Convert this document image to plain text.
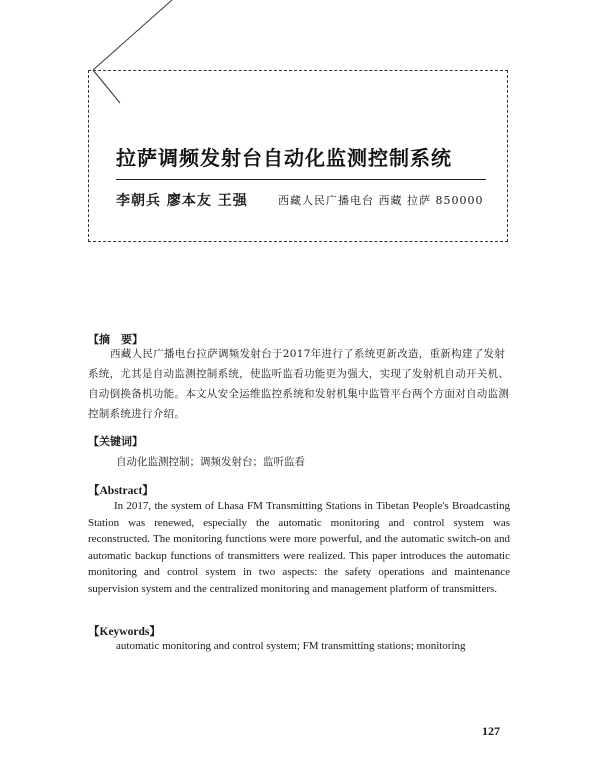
拉萨调频发射台自动化监测控制系统
李朝兵 廖本友 王强	西藏人民广播电台 西藏 拉萨 850000
【摘　要】
西藏人民广播电台拉萨调频发射台于2017年进行了系统更新改造，重新构建了发射系统，尤其是自动监测控制系统，使监听监看功能更为强大，实现了发射机自动开关机、自动倒换备机功能。本文从安全运维监控系统和发射机集中监管平台两个方面对自动监测控制系统进行介绍。
【关键词】
自动化监测控制；调频发射台；监听监看
【Abstract】
In 2017, the system of Lhasa FM Transmitting Stations in Tibetan People's Broadcasting Station was renewed, especially the automatic monitoring and control system was reconstructed. The monitoring functions were more powerful, and the automatic switch-on and automatic backup functions of transmitters were realized. This paper introduces the automatic monitoring and control system in two aspects: the safety operations and maintenance supervision system and the centralized monitoring and management platform of transmitters.
【Keywords】
automatic monitoring and control system; FM transmitting stations; monitoring
127
